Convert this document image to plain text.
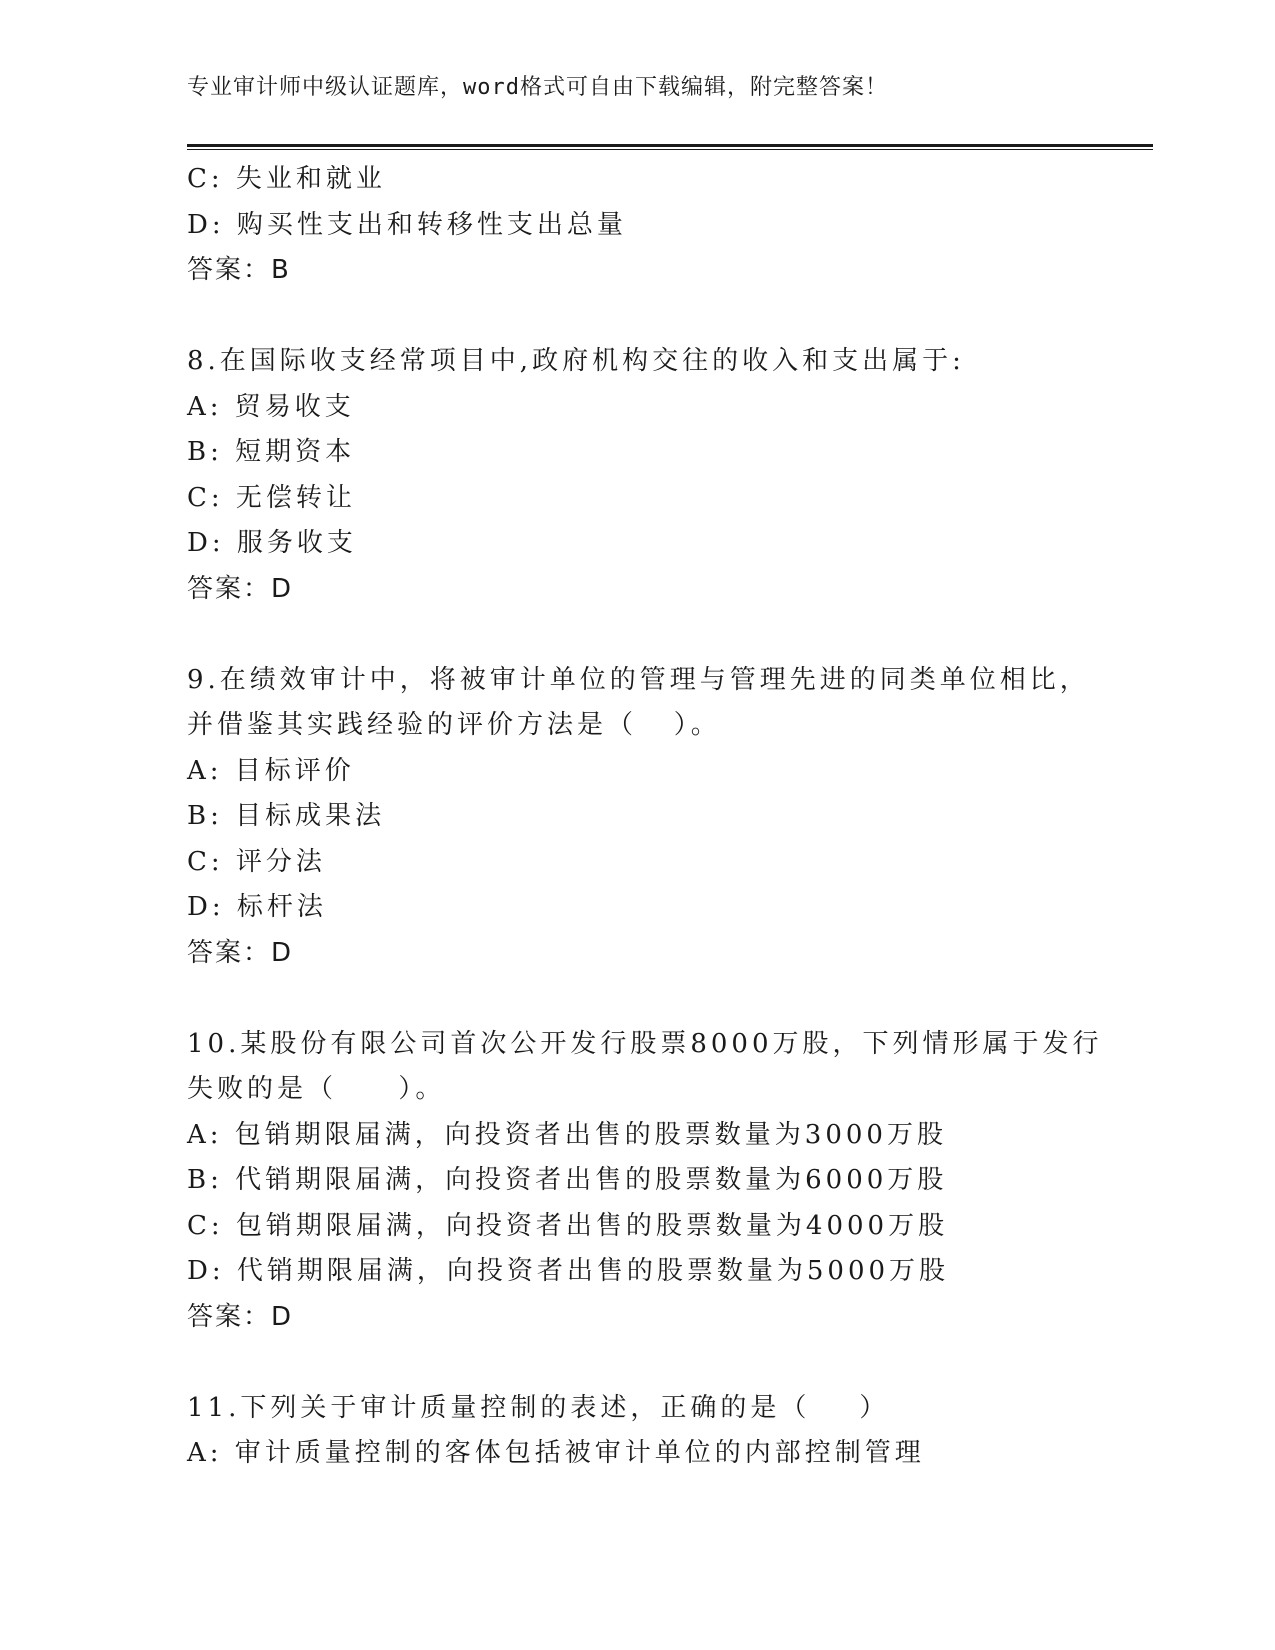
专业审计师中级认证题库，word格式可自由下载编辑，附完整答案！
C: 失业和就业
D: 购买性支出和转移性支出总量
答案：B
8.在国际收支经常项目中,政府机构交往的收入和支出属于:
A: 贸易收支
B: 短期资本
C: 无偿转让
D: 服务收支
答案：D
9.在绩效审计中，将被审计单位的管理与管理先进的同类单位相比，
并借鉴其实践经验的评价方法是（   ）。
A: 目标评价
B: 目标成果法
C: 评分法
D: 标杆法
答案：D
10.某股份有限公司首次公开发行股票8000万股，下列情形属于发行
失败的是（     ）。
A: 包销期限届满，向投资者出售的股票数量为3000万股
B: 代销期限届满，向投资者出售的股票数量为6000万股
C: 包销期限届满，向投资者出售的股票数量为4000万股
D: 代销期限届满，向投资者出售的股票数量为5000万股
答案：D
11.下列关于审计质量控制的表述，正确的是（    ）
A: 审计质量控制的客体包括被审计单位的内部控制管理
